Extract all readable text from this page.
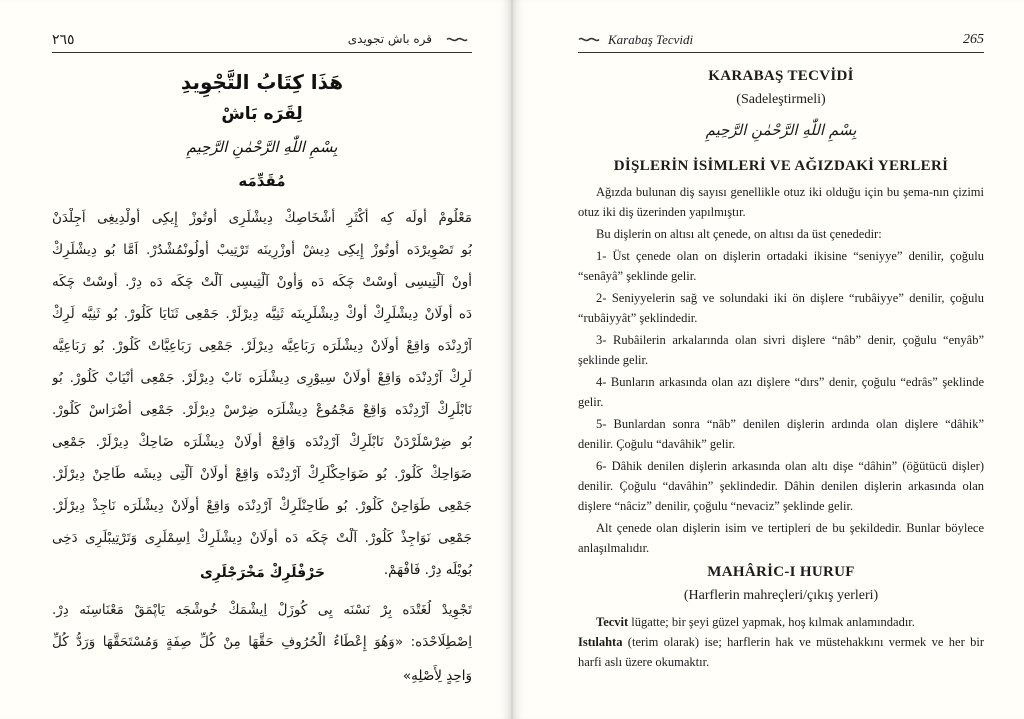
٢٦٥	قره باش تجويدى
هَذَا كِتَابُ التَّجْوِيدِ
لِقَرَه بَاشْ
بِسْمِ اللّٰهِ الرَّحْمٰنِ الرَّحِيمِ
مُقَدِّمَه
مَعْلُومْ أُولَه كِه أَكْثَرِ أَشْخَاصِكْ دِيشْلَرِى أُوتُوزْ إِيكِى أُولْدِيغِى اَجِلْدَنْ
بُو تَصْوِيرْدَه أُوتُوزْ إِيكِى دِيشْ أُوزْرِينَه تَرْتِيبْ أُولُونْمُشْدُرْ. اَمَّا بُو دِيشْلَرِكْ
أُونْ آلْتِيسِى أُوسْتْ چَكَه دَه وَأُونْ آلْتِيسِى آلْتْ چَكَه دَه دِرْ. أُوسْتْ چَكَه
دَه أُولَانْ دِيشْلَرِكْ أُوكْ دِيشْلَرِينَه ثَنِيَّه دِيرْلَرْ. جَمْعِى ثَنَايَا كَلُورْ. بُو ثَنِيَّه لَرِكْ
آرْدِنْدَه وَاقِعْ أُولَانْ دِيشْلَرَه رَبَاعِيَّه دِيرْلَرْ. جَمْعِى رَبَاعِيَّاتْ كَلُورْ. بُو رَبَاعِيَّه
لَرِكْ آرْدِنْدَه وَاقِعْ أُولَانْ سِيوْرِى دِيشْلَرَه نَابْ دِيرْلَرْ. جَمْعِى أَنْيَابْ كَلُورْ. بُو
نَابْلَرِكْ آرْدِنْدَه وَاقِعْ مَجْمُوعْ دِيشْلَرَه ضِرْسْ دِيرْلَرْ. جَمْعِى أَضْرَاسْ كَلُورْ.
بُو ضِرْسْلَرْدَنْ نَابْلَرِكْ آرْدِنْدَه وَاقِعْ أُولَانْ دِيشْلَرَه ضَاحِكْ دِيرْلَرْ. جَمْعِى
ضَوَاحِكْ كَلُورْ. بُو ضَوَاحِكْلَرِكْ آرْدِنْدَه وَاقِعْ أُولَانْ آلْتِى دِيشَه طَاحِنْ دِيرْلَرْ.
جَمْعِى طَوَاحِنْ كَلُورْ. بُو طَاحِنْلَرِكْ آرْدِنْدَه وَاقِعْ أُولَانْ دِيشْلَرَه نَاجِذْ دِيرْلَرْ.
جَمْعِى نَوَاجِذْ كَلُورْ. آلْتْ چَكَه دَه أُولَانْ دِيشْلَرِكْ اِسِمْلَرِى وَتَرْتِيبْلَرِى دَخِى
بُويْلَه دِرْ. فَافْهَمْ.
حَرْفْلَرِكْ مَخْرَجْلَرِى
تَجْوِيدْ لُغَتْدَه بِرْ نَسْنَه يِى كُوزَلْ اِيشْمَكْ خُوشْجَه يَاپْمَقْ مَعْنَاسِنَه دِرْ.
اِصْطِلَاحْدَه: «وَهُوَ إِعْطَاءُ الْحُرُوفِ حَقَّهَا مِنْ كُلِّ صِفَةٍ وَمُسْتَحَقَّهَا وَرَدُّ كُلِّ
وَاحِدٍ لِأَصْلِهِ»
Karabaş Tecvidi	265
KARABAŞ TECVİDİ
(Sadeleştirmeli)
بِسْمِ اللّٰهِ الرَّحْمٰنِ الرَّحِيمِ
DİŞLERİN İSİMLERİ VE AĞIZDAKİ YERLERİ

Ağızda bulunan diş sayısı genellikle otuz iki olduğu için bu şema-nın çizimi otuz iki diş üzerinden yapılmıştır.

Bu dişlerin on altısı alt çenede, on altısı da üst çenededir:

1- Üst çenede olan on dişlerin ortadaki ikisine “seniyye” denilir, çoğulu “senâyâ” şeklinde gelir.

2- Seniyyelerin sağ ve solundaki iki ön dişlere “rubâiyye” denilir, çoğulu “rubâiyyât” şeklindedir.

3- Rubâilerin arkalarında olan sivri dişlere “nâb” denir, çoğulu “enyâb” şeklinde gelir.

4- Bunların arkasında olan azı dişlere “dırs” denir, çoğulu “edrâs” şeklinde gelir.

5- Bunlardan sonra “nâb” denilen dişlerin ardında olan dişlere “dâhik” denilir. Çoğulu “davâhik” gelir.

6- Dâhik denilen dişlerin arkasında olan altı dişe “dâhin” (öğütücü dişler) denilir. Çoğulu “davâhin” şeklindedir. Dâhin denilen dişlerin arkasında olan dişlere “nâciz” denilir, çoğulu “nevaciz” şeklinde gelir.

Alt çenede olan dişlerin isim ve tertipleri de bu şekildedir. Bunlar böylece anlaşılmalıdır.

MAHÂRİC-I HURUF
(Harflerin mahreçleri/çıkış yerleri)

Tecvit lügatte; bir şeyi güzel yapmak, hoş kılmak anlamındadır.

Istılahta (terim olarak) ise; harflerin hak ve müstehakkını vermek ve her bir harfi aslı üzere okumaktır.
